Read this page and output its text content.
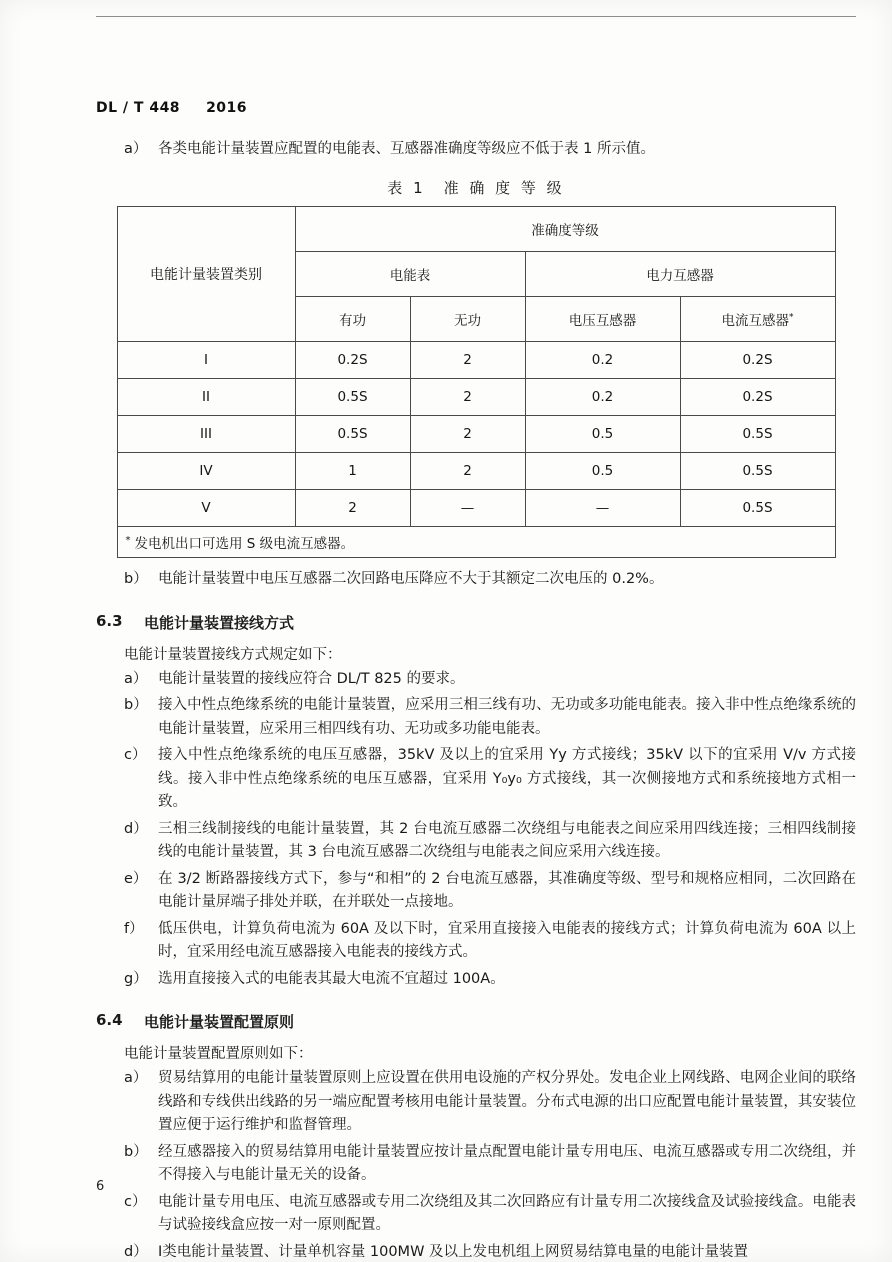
DL / T 448 2016
a） 各类电能计量装置应配置的电能表、互感器准确度等级应不低于表 1 所示值。
表 1　准 确 度 等 级
电能计量装置类别	准确度等级			
	电能表		电力互感器	
	有功	无功	电压互感器	电流互感器*
I	0.2S	2	0.2	0.2S
II	0.5S	2	0.2	0.2S
III	0.5S	2	0.5	0.5S
IV	1	2	0.5	0.5S
V	2	—	—	0.5S
* 发电机出口可选用 S 级电流互感器。				
b） 电能计量装置中电压互感器二次回路电压降应不大于其额定二次电压的 0.2%。
6.3	电能计量装置接线方式
电能计量装置接线方式规定如下：
a） 电能计量装置的接线应符合 DL/T 825 的要求。
b） 接入中性点绝缘系统的电能计量装置，应采用三相三线有功、无功或多功能电能表。接入非中性点绝缘系统的电能计量装置，应采用三相四线有功、无功或多功能电能表。
c） 接入中性点绝缘系统的电压互感器，35kV 及以上的宜采用 Yy 方式接线；35kV 以下的宜采用 V/v 方式接线。接入非中性点绝缘系统的电压互感器，宜采用 Y₀y₀ 方式接线，其一次侧接地方式和系统接地方式相一致。
d） 三相三线制接线的电能计量装置，其 2 台电流互感器二次绕组与电能表之间应采用四线连接；三相四线制接线的电能计量装置，其 3 台电流互感器二次绕组与电能表之间应采用六线连接。
e） 在 3/2 断路器接线方式下，参与“和相”的 2 台电流互感器，其准确度等级、型号和规格应相同，二次回路在电能计量屏端子排处并联，在并联处一点接地。
f） 低压供电，计算负荷电流为 60A 及以下时，宜采用直接接入电能表的接线方式；计算负荷电流为 60A 以上时，宜采用经电流互感器接入电能表的接线方式。
g） 选用直接接入式的电能表其最大电流不宜超过 100A。
6.4	电能计量装置配置原则
电能计量装置配置原则如下：
a） 贸易结算用的电能计量装置原则上应设置在供用电设施的产权分界处。发电企业上网线路、电网企业间的联络线路和专线供出线路的另一端应配置考核用电能计量装置。分布式电源的出口应配置电能计量装置，其安装位置应便于运行维护和监督管理。
b） 经互感器接入的贸易结算用电能计量装置应按计量点配置电能计量专用电压、电流互感器或专用二次绕组，并不得接入与电能计量无关的设备。
c） 电能计量专用电压、电流互感器或专用二次绕组及其二次回路应有计量专用二次接线盒及试验接线盒。电能表与试验接线盒应按一对一原则配置。
d） Ⅰ类电能计量装置、计量单机容量 100MW 及以上发电机组上网贸易结算电量的电能计量装置
6
